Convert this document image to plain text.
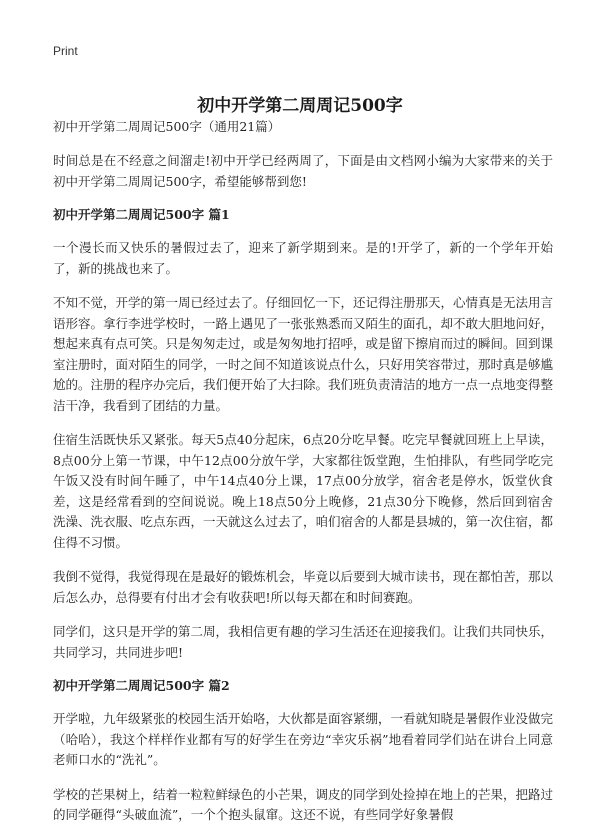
Print
初中开学第二周周记500字
初中开学第二周周记500字（通用21篇）

时间总是在不经意之间溜走!初中开学已经两周了，下面是由文档网小编为大家带来的关于初中开学第二周周记500字，希望能够帮到您!

初中开学第二周周记500字 篇1

一个漫长而又快乐的暑假过去了，迎来了新学期到来。是的!开学了，新的一个学年开始了，新的挑战也来了。

不知不觉，开学的第一周已经过去了。仔细回忆一下，还记得注册那天，心情真是无法用言语形容。拿行李进学校时，一路上遇见了一张张熟悉而又陌生的面孔，却不敢大胆地问好，想起来真有点可笑。只是匆匆走过，或是匆匆地打招呼，或是留下擦肩而过的瞬间。回到课室注册时，面对陌生的同学，一时之间不知道该说点什么，只好用笑容带过，那时真是够尴尬的。注册的程序办完后，我们便开始了大扫除。我们班负责清洁的地方一点一点地变得整洁干净，我看到了团结的力量。

住宿生活既快乐又紧张。每天5点40分起床，6点20分吃早餐。吃完早餐就回班上上早读，8点00分上第一节课，中午12点00分放午学，大家都往饭堂跑，生怕排队，有些同学吃完午饭又没有时间午睡了，中午14点40分上课，17点00分放学，宿舍老是停水，饭堂伙食差，这是经常看到的空间说说。晚上18点50分上晚修，21点30分下晚修，然后回到宿舍洗澡、洗衣服、吃点东西，一天就这么过去了，咱们宿舍的人都是县城的，第一次住宿，都住得不习惯。

我倒不觉得，我觉得现在是最好的锻炼机会，毕竟以后要到大城市读书，现在都怕苦，那以后怎么办，总得要有付出才会有收获吧!所以每天都在和时间赛跑。

同学们，这只是开学的第二周，我相信更有趣的学习生活还在迎接我们。让我们共同快乐，共同学习，共同进步吧!

初中开学第二周周记500字 篇2

开学啦，九年级紧张的校园生活开始咯，大伙都是面容紧绷，一看就知晓是暑假作业没做完（哈哈），我这个样样作业都有写的好学生在旁边“幸灾乐祸”地看着同学们站在讲台上同意老师口水的“洗礼”。

学校的芒果树上，结着一粒粒鲜绿色的小芒果，调皮的同学到处捡掉在地上的芒果，把路过的同学砸得“头破血流”，一个个抱头鼠窜。这还不说，有些同学好象暑假
